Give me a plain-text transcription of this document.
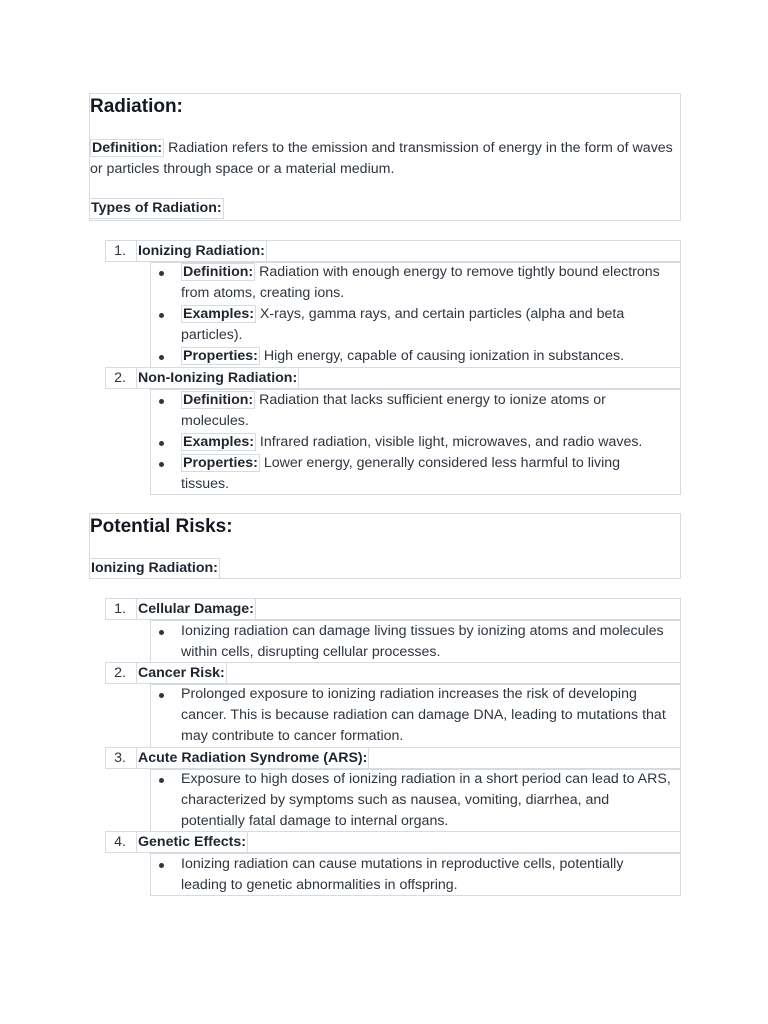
Radiation:
Definition: Radiation refers to the emission and transmission of energy in the form of waves or particles through space or a material medium.
Types of Radiation:
1. Ionizing Radiation:
Definition: Radiation with enough energy to remove tightly bound electrons from atoms, creating ions.
Examples: X-rays, gamma rays, and certain particles (alpha and beta particles).
Properties: High energy, capable of causing ionization in substances.
2. Non-Ionizing Radiation:
Definition: Radiation that lacks sufficient energy to ionize atoms or molecules.
Examples: Infrared radiation, visible light, microwaves, and radio waves.
Properties: Lower energy, generally considered less harmful to living tissues.
Potential Risks:
Ionizing Radiation:
1. Cellular Damage:
Ionizing radiation can damage living tissues by ionizing atoms and molecules within cells, disrupting cellular processes.
2. Cancer Risk:
Prolonged exposure to ionizing radiation increases the risk of developing cancer. This is because radiation can damage DNA, leading to mutations that may contribute to cancer formation.
3. Acute Radiation Syndrome (ARS):
Exposure to high doses of ionizing radiation in a short period can lead to ARS, characterized by symptoms such as nausea, vomiting, diarrhea, and potentially fatal damage to internal organs.
4. Genetic Effects:
Ionizing radiation can cause mutations in reproductive cells, potentially leading to genetic abnormalities in offspring.
